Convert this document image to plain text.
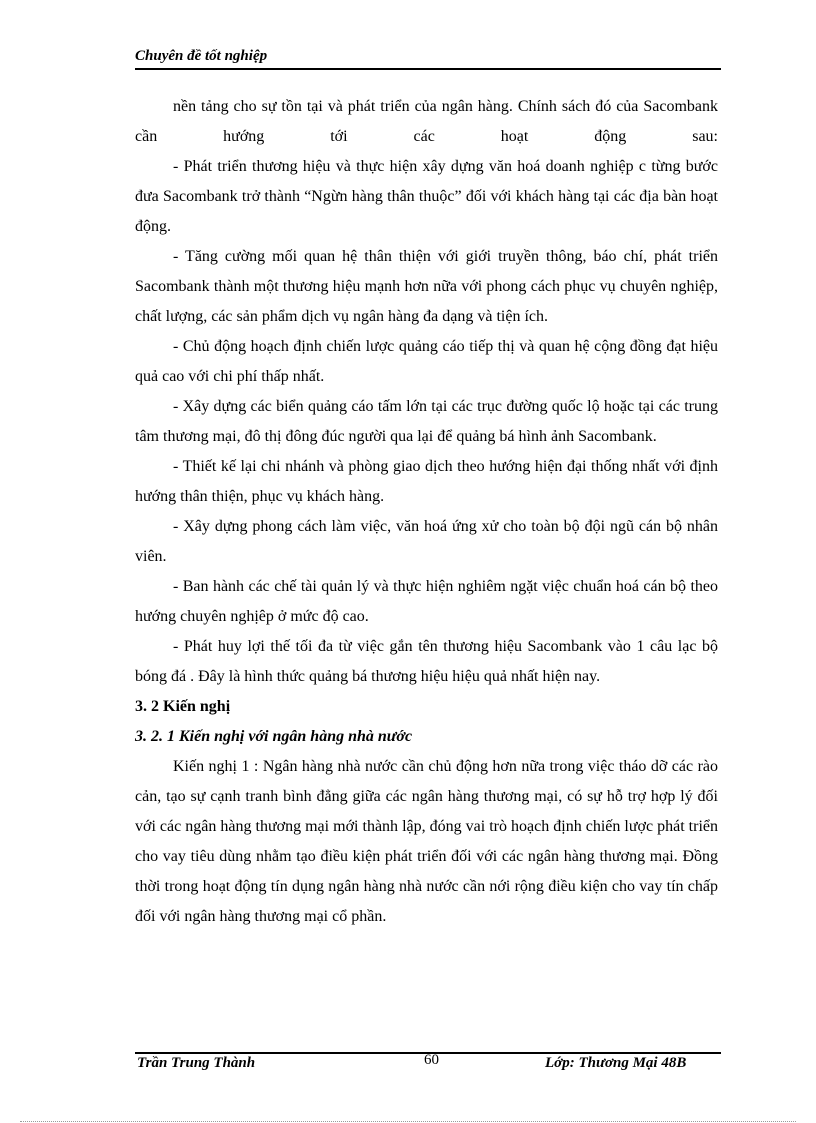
Chuyên đề tốt nghiệp

nền tảng cho sự tồn tại và phát triển của ngân hàng. Chính sách đó của Sacombank cần hướng tới các hoạt động sau:

- Phát triển thương hiệu và thực hiện xây dựng văn hoá doanh nghiệp c từng bước đưa Sacombank trở thành “Ngừn hàng thân thuộc” đối với khách hàng tại các địa bàn hoạt động.

- Tăng cường mối quan hệ thân thiện với giới truyền thông, báo chí, phát triển Sacombank thành một thương hiệu mạnh hơn nữa với phong cách phục vụ chuyên nghiệp, chất lượng, các sản phẩm dịch vụ ngân hàng đa dạng và tiện ích.

- Chủ động hoạch định chiến lược quảng cáo tiếp thị và quan hệ cộng đồng đạt hiệu quả cao với chi phí thấp nhất.

- Xây dựng các biển quảng cáo tấm lớn tại các trục đường quốc lộ hoặc tại các trung tâm thương mại, đô thị đông đúc người qua lại để quảng bá hình ảnh Sacombank.

- Thiết kế lại chi nhánh và phòng giao dịch theo hướng hiện đại thống nhất với định hướng thân thiện, phục vụ khách hàng.

- Xây dựng phong cách làm việc, văn hoá ứng xử cho toàn bộ đội ngũ cán bộ nhân viên.

- Ban hành các chế tài quản lý và thực hiện nghiêm ngặt việc chuẩn hoá cán bộ theo hướng chuyên nghịêp ở mức độ cao.

- Phát huy lợi thế tối đa từ việc gắn tên thương hiệu Sacombank vào 1 câu lạc bộ bóng đá . Đây là hình thức quảng bá thương hiệu hiệu quả nhất hiện nay.

3. 2 Kiến nghị

3. 2. 1 Kiến nghị với ngân hàng nhà nước

Kiến nghị 1 : Ngân hàng nhà nước cần chủ động hơn nữa trong việc tháo dỡ các rào cản, tạo sự cạnh tranh bình đẳng giữa các ngân hàng thương mại, có sự hỗ trợ hợp lý đối với các ngân hàng thương mại mới thành lập, đóng vai trò hoạch định chiến lược phát triển cho vay tiêu dùng nhằm tạo điều kiện phát triển đối với các ngân hàng thương mại. Đồng thời trong hoạt động tín dụng ngân hàng nhà nước cần nới rộng điều kiện cho vay tín chấp đối với ngân hàng thương mại cổ phần.

Trần Trung Thành	60	Lớp: Thương Mại 48B
